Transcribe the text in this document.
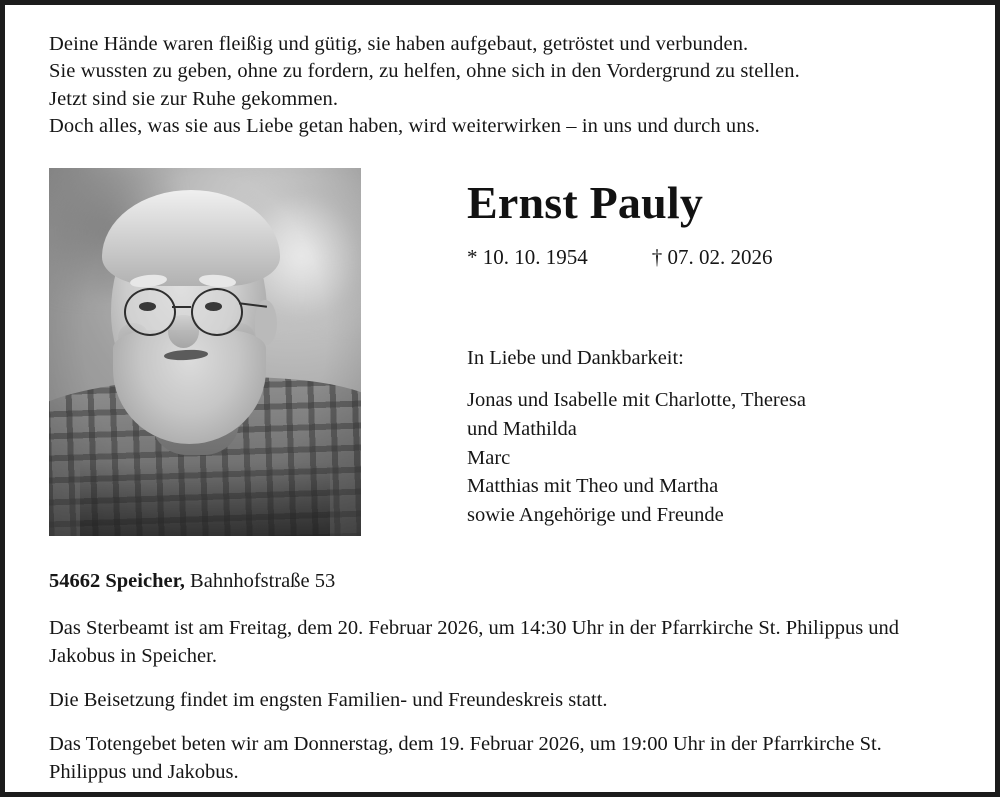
Deine Hände waren fleißig und gütig, sie haben aufgebaut, getröstet und verbunden.
Sie wussten zu geben, ohne zu fordern, zu helfen, ohne sich in den Vordergrund zu stellen.
Jetzt sind sie zur Ruhe gekommen.
Doch alles, was sie aus Liebe getan haben, wird weiterwirken – in uns und durch uns.
Ernst Pauly
* 10. 10. 1954	† 07. 02. 2026
In Liebe und Dankbarkeit:
Jonas und Isabelle mit Charlotte, Theresa
und Mathilda
Marc
Matthias mit Theo und Martha
sowie Angehörige und Freunde
54662 Speicher, Bahnhofstraße 53

Das Sterbeamt ist am Freitag, dem 20. Februar 2026, um 14:30 Uhr in der Pfarrkirche St. Philippus und Jakobus in Speicher.

Die Beisetzung findet im engsten Familien- und Freundeskreis statt.

Das Totengebet beten wir am Donnerstag, dem 19. Februar 2026, um 19:00 Uhr in der Pfarrkirche St. Philippus und Jakobus.
